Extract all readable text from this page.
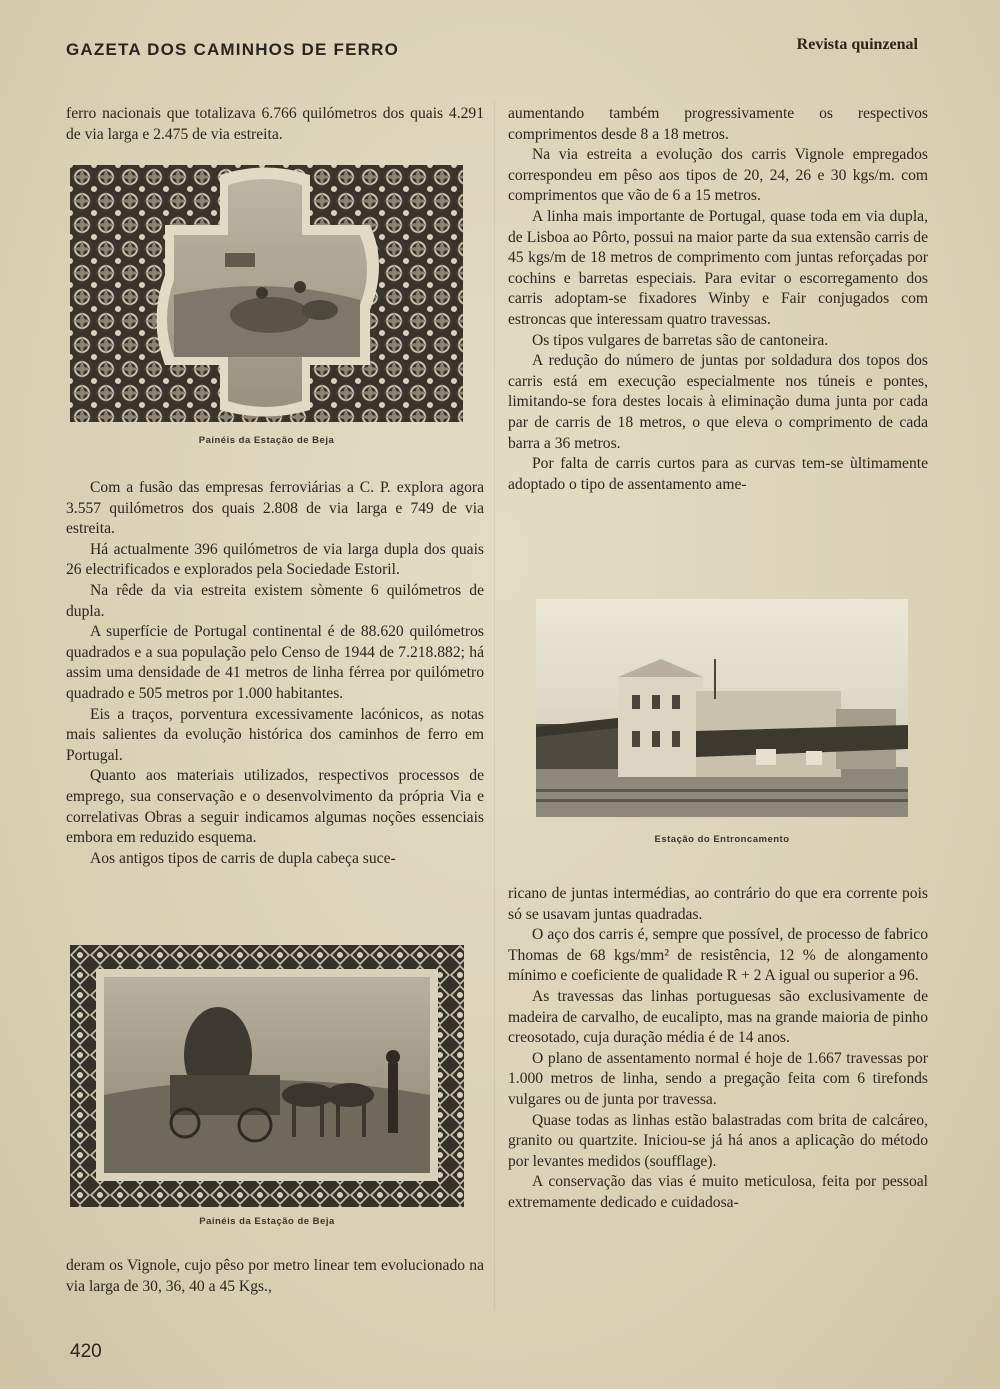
GAZETA DOS CAMINHOS DE FERRO	Revista quinzenal

ferro nacionais que totalizava 6.766 quilómetros dos quais 4.291 de via larga e 2.475 de via estreita.

Painéis da Estação de Beja

Com a fusão das empresas ferroviárias a C. P. explora agora 3.557 quilómetros dos quais 2.808 de via larga e 749 de via estreita.

Há actualmente 396 quilómetros de via larga dupla dos quais 26 electrificados e explorados pela Sociedade Estoril.

Na rêde da via estreita existem sòmente 6 quilómetros de dupla.

A superfície de Portugal continental é de 88.620 quilómetros quadrados e a sua população pelo Censo de 1944 de 7.218.882; há assim uma densidade de 41 metros de linha férrea por quilómetro quadrado e 505 metros por 1.000 habitantes.

Eis a traços, porventura excessivamente lacónicos, as notas mais salientes da evolução histórica dos caminhos de ferro em Portugal.

Quanto aos materiais utilizados, respectivos processos de emprego, sua conservação e o desenvolvimento da própria Via e correlativas Obras a seguir indicamos algumas noções essenciais embora em reduzido esquema.

Aos antigos tipos de carris de dupla cabeça suce-

Painéis da Estação de Beja

deram os Vignole, cujo pêso por metro linear tem evolucionado na via larga de 30, 36, 40 a 45 Kgs.,

aumentando também progressivamente os respectivos comprimentos desde 8 a 18 metros.

Na via estreita a evolução dos carris Vignole empregados correspondeu em pêso aos tipos de 20, 24, 26 e 30 kgs/m. com comprimentos que vão de 6 a 15 metros.

A linha mais importante de Portugal, quase toda em via dupla, de Lisboa ao Pôrto, possui na maior parte da sua extensão carris de 45 kgs/m de 18 metros de comprimento com juntas reforçadas por cochins e barretas especiais. Para evitar o escorregamento dos carris adoptam-se fixadores Winby e Fair conjugados com estroncas que interessam quatro travessas.

Os tipos vulgares de barretas são de cantoneira.

A redução do número de juntas por soldadura dos topos dos carris está em execução especialmente nos túneis e pontes, limitando-se fora destes locais à eliminação duma junta por cada par de carris de 18 metros, o que eleva o comprimento de cada barra a 36 metros.

Por falta de carris curtos para as curvas tem-se ùltimamente adoptado o tipo de assentamento ame-

Estação do Entroncamento

ricano de juntas intermédias, ao contrário do que era corrente pois só se usavam juntas quadradas.

O aço dos carris é, sempre que possível, de processo de fabrico Thomas de 68 kgs/mm² de resistência, 12 % de alongamento mínimo e coeficiente de qualidade R + 2 A igual ou superior a 96.

As travessas das linhas portuguesas são exclusivamente de madeira de carvalho, de eucalipto, mas na grande maioria de pinho creosotado, cuja duração média é de 14 anos.

O plano de assentamento normal é hoje de 1.667 travessas por 1.000 metros de linha, sendo a pregação feita com 6 tirefonds vulgares ou de junta por travessa.

Quase todas as linhas estão balastradas com brita de calcáreo, granito ou quartzite. Iniciou-se já há anos a aplicação do método por levantes medidos (soufflage).

A conservação das vias é muito meticulosa, feita por pessoal extremamente dedicado e cuidadosa-

420
